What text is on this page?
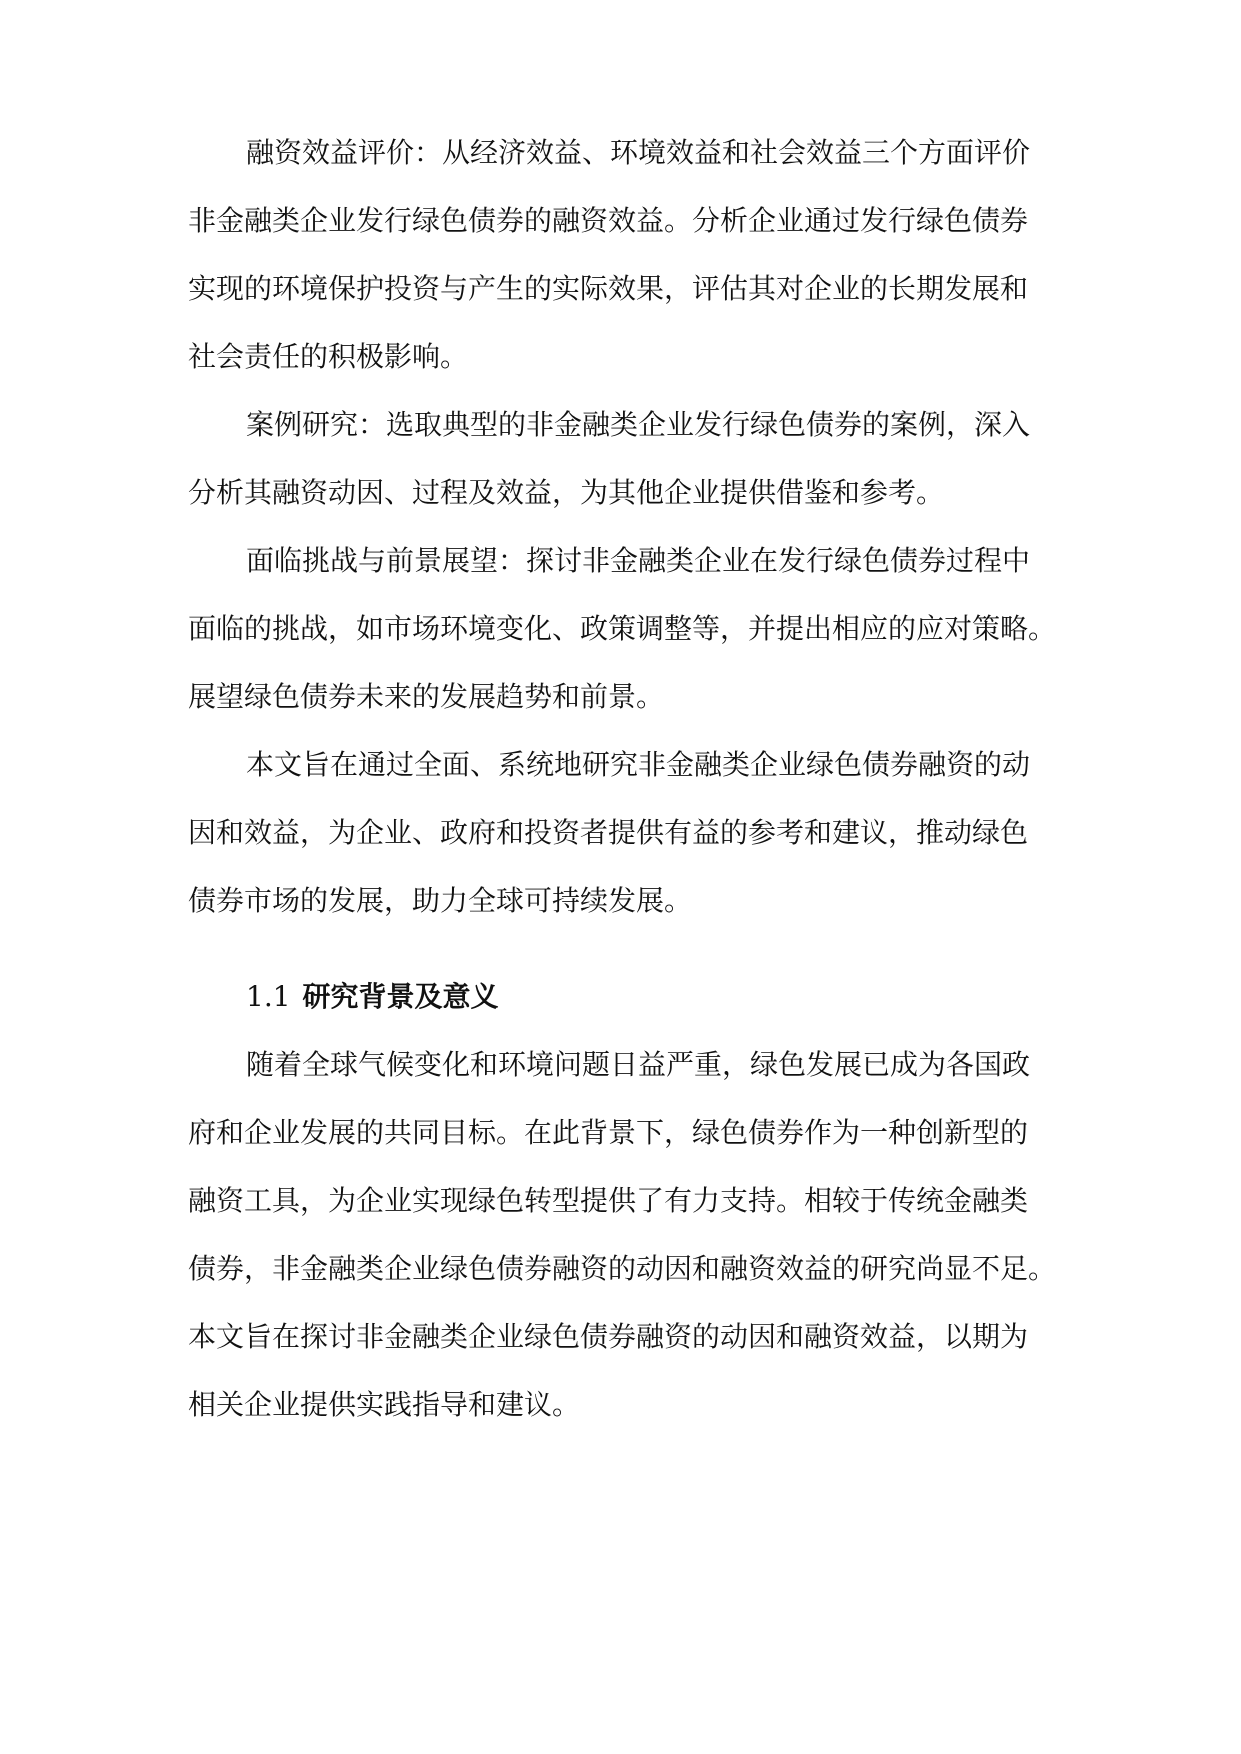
融资效益评价：从经济效益、环境效益和社会效益三个方面评价
非金融类企业发行绿色债券的融资效益。分析企业通过发行绿色债券
实现的环境保护投资与产生的实际效果，评估其对企业的长期发展和
社会责任的积极影响。
案例研究：选取典型的非金融类企业发行绿色债券的案例，深入
分析其融资动因、过程及效益，为其他企业提供借鉴和参考。
面临挑战与前景展望：探讨非金融类企业在发行绿色债券过程中
面临的挑战，如市场环境变化、政策调整等，并提出相应的应对策略。
展望绿色债券未来的发展趋势和前景。
本文旨在通过全面、系统地研究非金融类企业绿色债券融资的动
因和效益，为企业、政府和投资者提供有益的参考和建议，推动绿色
债券市场的发展，助力全球可持续发展。
1.1 研究背景及意义
随着全球气候变化和环境问题日益严重，绿色发展已成为各国政
府和企业发展的共同目标。在此背景下，绿色债券作为一种创新型的
融资工具，为企业实现绿色转型提供了有力支持。相较于传统金融类
债券，非金融类企业绿色债券融资的动因和融资效益的研究尚显不足。
本文旨在探讨非金融类企业绿色债券融资的动因和融资效益，以期为
相关企业提供实践指导和建议。
